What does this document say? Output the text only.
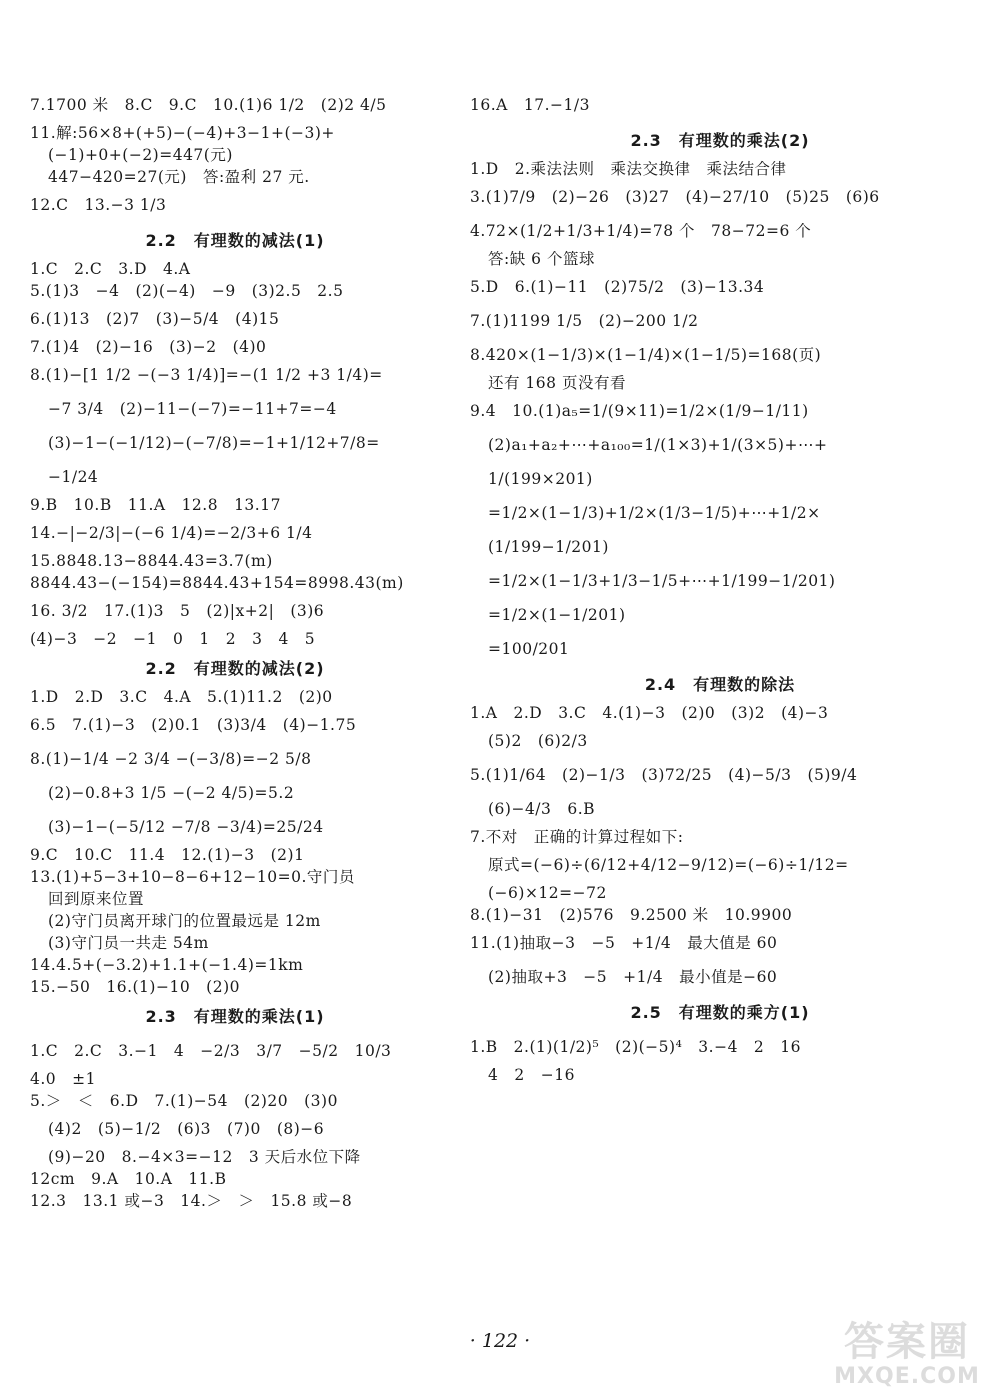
7.1700 米　8.C　9.C　10.(1)6 1/2　(2)2 4/5
11.解:56×8+(+5)−(−4)+3−1+(−3)+
(−1)+0+(−2)=447(元)
447−420=27(元)　答:盈利 27 元.
12.C　13.−3 1/3
2.2　有理数的减法(1)
1.C　2.C　3.D　4.A
5.(1)3　−4　(2)(−4)　−9　(3)2.5　2.5
6.(1)13　(2)7　(3)−5/4　(4)15
7.(1)4　(2)−16　(3)−2　(4)0
8.(1)−[1 1/2 −(−3 1/4)]=−(1 1/2 +3 1/4)=
−7 3/4　(2)−11−(−7)=−11+7=−4
(3)−1−(−1/12)−(−7/8)=−1+1/12+7/8=
−1/24
9.B　10.B　11.A　12.8　13.17
14.−|−2/3|−(−6 1/4)=−2/3+6 1/4
15.8848.13−8844.43=3.7(m)
8844.43−(−154)=8844.43+154=8998.43(m)
16. 3/2　17.(1)3　5　(2)|x+2|　(3)6
(4)−3　−2　−1　0　1　2　3　4　5
2.2　有理数的减法(2)
1.D　2.D　3.C　4.A　5.(1)11.2　(2)0
6.5　7.(1)−3　(2)0.1　(3)3/4　(4)−1.75
8.(1)−1/4 −2 3/4 −(−3/8)=−2 5/8
(2)−0.8+3 1/5 −(−2 4/5)=5.2
(3)−1−(−5/12 −7/8 −3/4)=25/24
9.C　10.C　11.4　12.(1)−3　(2)1
13.(1)+5−3+10−8−6+12−10=0.守门员
回到原来位置
(2)守门员离开球门的位置最远是 12m
(3)守门员一共走 54m
14.4.5+(−3.2)+1.1+(−1.4)=1km
15.−50　16.(1)−10　(2)0
2.3　有理数的乘法(1)
1.C　2.C　3.−1　4　−2/3　3/7　−5/2　10/3
4.0　±1
5.＞　＜　6.D　7.(1)−54　(2)20　(3)0
(4)2　(5)−1/2　(6)3　(7)0　(8)−6
(9)−20　8.−4×3=−12　3 天后水位下降
12cm　9.A　10.A　11.B
12.3　13.1 或−3　14.＞　＞　15.8 或−8
16.A　17.−1/3
2.3　有理数的乘法(2)
1.D　2.乘法法则　乘法交换律　乘法结合律
3.(1)7/9　(2)−26　(3)27　(4)−27/10　(5)25　(6)6
4.72×(1/2+1/3+1/4)=78 个　78−72=6 个
答:缺 6 个篮球
5.D　6.(1)−11　(2)75/2　(3)−13.34
7.(1)1199 1/5　(2)−200 1/2
8.420×(1−1/3)×(1−1/4)×(1−1/5)=168(页)
还有 168 页没有看
9.4　10.(1)a₅=1/(9×11)=1/2×(1/9−1/11)
(2)a₁+a₂+⋯+a₁₀₀=1/(1×3)+1/(3×5)+⋯+
1/(199×201)
=1/2×(1−1/3)+1/2×(1/3−1/5)+⋯+1/2×
(1/199−1/201)
=1/2×(1−1/3+1/3−1/5+⋯+1/199−1/201)
=1/2×(1−1/201)
=100/201
2.4　有理数的除法
1.A　2.D　3.C　4.(1)−3　(2)0　(3)2　(4)−3
(5)2　(6)2/3
5.(1)1/64　(2)−1/3　(3)72/25　(4)−5/3　(5)9/4
(6)−4/3　6.B
7.不对　正确的计算过程如下:
原式=(−6)÷(6/12+4/12−9/12)=(−6)÷1/12=
(−6)×12=−72
8.(1)−31　(2)576　9.2500 米　10.9900
11.(1)抽取−3　−5　+1/4　最大值是 60
(2)抽取+3　−5　+1/4　最小值是−60
2.5　有理数的乘方(1)
1.B　2.(1)(1/2)⁵　(2)(−5)⁴　3.−4　2　16
4　2　−16
· 122 ·	答案圈
MXQE.COM
